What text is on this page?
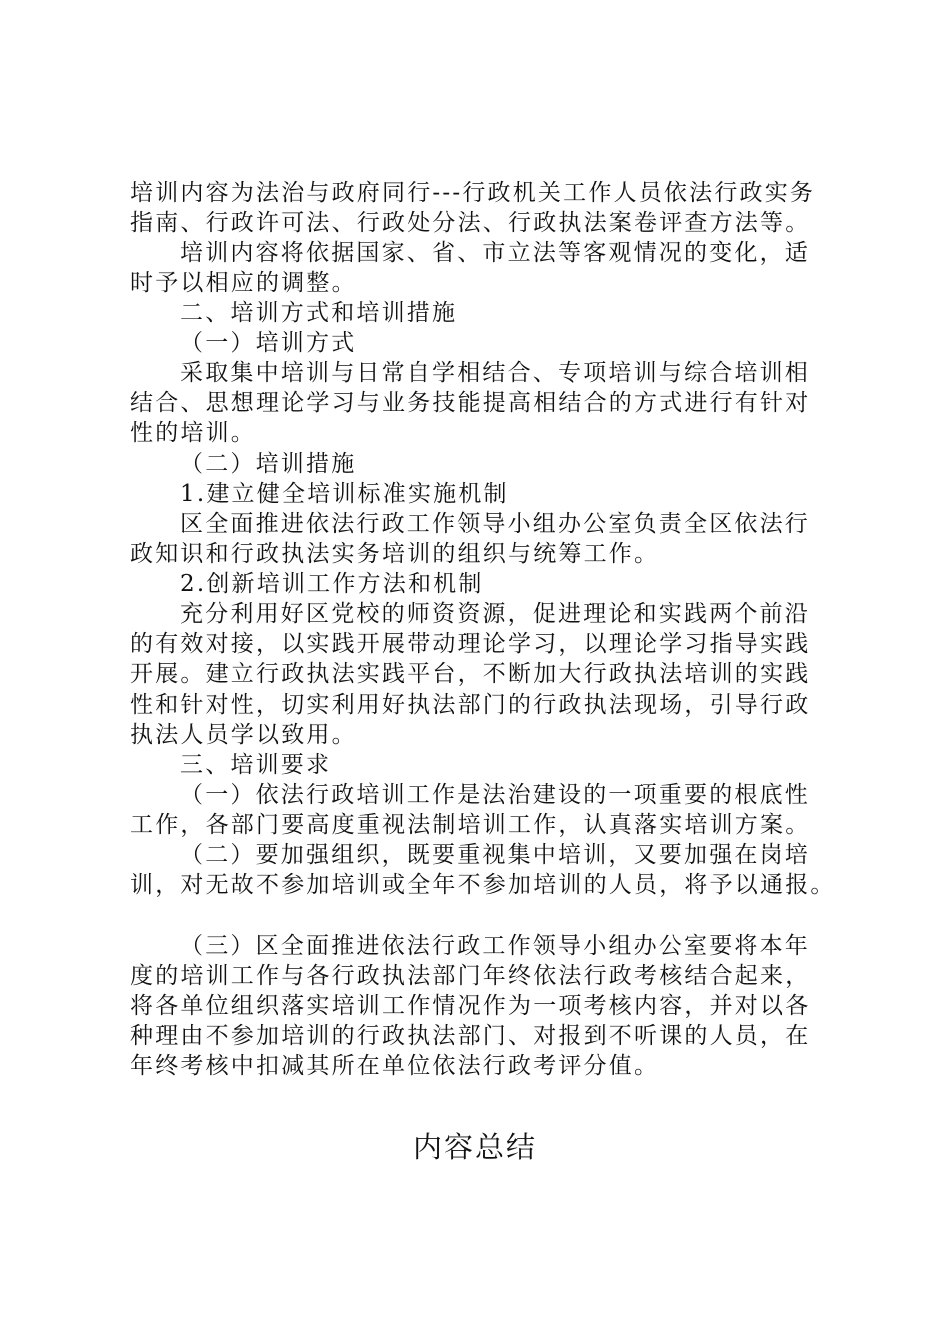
培训内容为法治与政府同行---行政机关工作人员依法行政实务
指南、行政许可法、行政处分法、行政执法案卷评查方法等。
培训内容将依据国家、省、市立法等客观情况的变化，适
时予以相应的调整。
二、培训方式和培训措施
（一）培训方式
采取集中培训与日常自学相结合、专项培训与综合培训相
结合、思想理论学习与业务技能提高相结合的方式进行有针对
性的培训。
（二）培训措施
1.建立健全培训标准实施机制
区全面推进依法行政工作领导小组办公室负责全区依法行
政知识和行政执法实务培训的组织与统筹工作。
2.创新培训工作方法和机制
充分利用好区党校的师资资源，促进理论和实践两个前沿
的有效对接，以实践开展带动理论学习，以理论学习指导实践
开展。建立行政执法实践平台，不断加大行政执法培训的实践
性和针对性，切实利用好执法部门的行政执法现场，引导行政
执法人员学以致用。
三、培训要求
（一）依法行政培训工作是法治建设的一项重要的根底性
工作，各部门要高度重视法制培训工作，认真落实培训方案。
（二）要加强组织，既要重视集中培训，又要加强在岗培
训，对无故不参加培训或全年不参加培训的人员，将予以通报。
（三）区全面推进依法行政工作领导小组办公室要将本年
度的培训工作与各行政执法部门年终依法行政考核结合起来，
将各单位组织落实培训工作情况作为一项考核内容，并对以各
种理由不参加培训的行政执法部门、对报到不听课的人员，在
年终考核中扣减其所在单位依法行政考评分值。
内容总结
